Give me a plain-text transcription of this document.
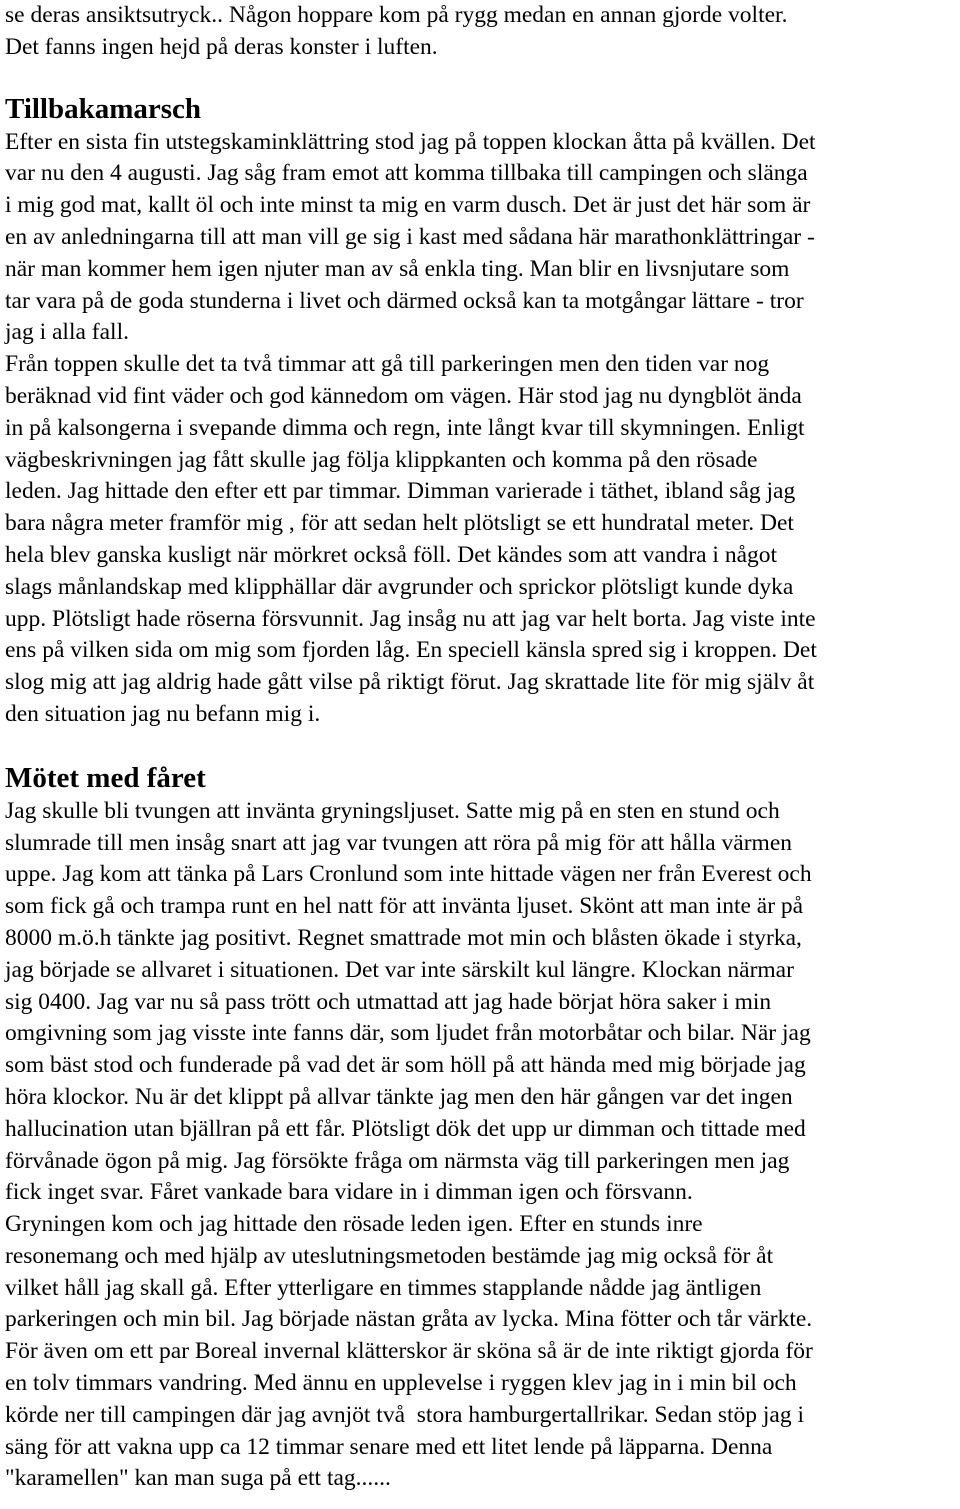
se deras ansiktsutryck.. Någon hoppare kom på rygg medan en annan gjorde volter.
Det fanns ingen hejd på deras konster i luften.
Tillbakamarsch
Efter en sista fin utstegskaminklättring stod jag på toppen klockan åtta på kvällen. Det
var nu den 4 augusti. Jag såg fram emot att komma tillbaka till campingen och slänga
i mig god mat, kallt öl och inte minst ta mig en varm dusch. Det är just det här som är
en av anledningarna till att man vill ge sig i kast med sådana här marathonklättringar -
när man kommer hem igen njuter man av så enkla ting. Man blir en livsnjutare som
tar vara på de goda stunderna i livet och därmed också kan ta motgångar lättare - tror
jag i alla fall.
Från toppen skulle det ta två timmar att gå till parkeringen men den tiden var nog
beräknad vid fint väder och god kännedom om vägen. Här stod jag nu dyngblöt ända
in på kalsongerna i svepande dimma och regn, inte långt kvar till skymningen. Enligt
vägbeskrivningen jag fått skulle jag följa klippkanten och komma på den rösade
leden. Jag hittade den efter ett par timmar. Dimman varierade i täthet, ibland såg jag
bara några meter framför mig , för att sedan helt plötsligt se ett hundratal meter. Det
hela blev ganska kusligt när mörkret också föll. Det kändes som att vandra i något
slags månlandskap med klipphällar där avgrunder och sprickor plötsligt kunde dyka
upp. Plötsligt hade röserna försvunnit. Jag insåg nu att jag var helt borta. Jag viste inte
ens på vilken sida om mig som fjorden låg. En speciell känsla spred sig i kroppen. Det
slog mig att jag aldrig hade gått vilse på riktigt förut. Jag skrattade lite för mig själv åt
den situation jag nu befann mig i.
Mötet med fåret
Jag skulle bli tvungen att invänta gryningsljuset. Satte mig på en sten en stund och
slumrade till men insåg snart att jag var tvungen att röra på mig för att hålla värmen
uppe. Jag kom att tänka på Lars Cronlund som inte hittade vägen ner från Everest och
som fick gå och trampa runt en hel natt för att invänta ljuset. Skönt att man inte är på
8000 m.ö.h tänkte jag positivt. Regnet smattrade mot min och blåsten ökade i styrka,
jag började se allvaret i situationen. Det var inte särskilt kul längre. Klockan närmar
sig 0400. Jag var nu så pass trött och utmattad att jag hade börjat höra saker i min
omgivning som jag visste inte fanns där, som ljudet från motorbåtar och bilar. När jag
som bäst stod och funderade på vad det är som höll på att hända med mig började jag
höra klockor. Nu är det klippt på allvar tänkte jag men den här gången var det ingen
hallucination utan bjällran på ett får. Plötsligt dök det upp ur dimman och tittade med
förvånade ögon på mig. Jag försökte fråga om närmsta väg till parkeringen men jag
fick inget svar. Fåret vankade bara vidare in i dimman igen och försvann.
Gryningen kom och jag hittade den rösade leden igen. Efter en stunds inre
resonemang och med hjälp av uteslutningsmetoden bestämde jag mig också för åt
vilket håll jag skall gå. Efter ytterligare en timmes stapplande nådde jag äntligen
parkeringen och min bil. Jag började nästan gråta av lycka. Mina fötter och tår värkte.
För även om ett par Boreal invernal klätterskor är sköna så är de inte riktigt gjorda för
en tolv timmars vandring. Med ännu en upplevelse i ryggen klev jag in i min bil och
körde ner till campingen där jag avnjöt två  stora hamburgertallrikar. Sedan stöp jag i
säng för att vakna upp ca 12 timmar senare med ett litet lende på läpparna. Denna
"karamellen" kan man suga på ett tag......
